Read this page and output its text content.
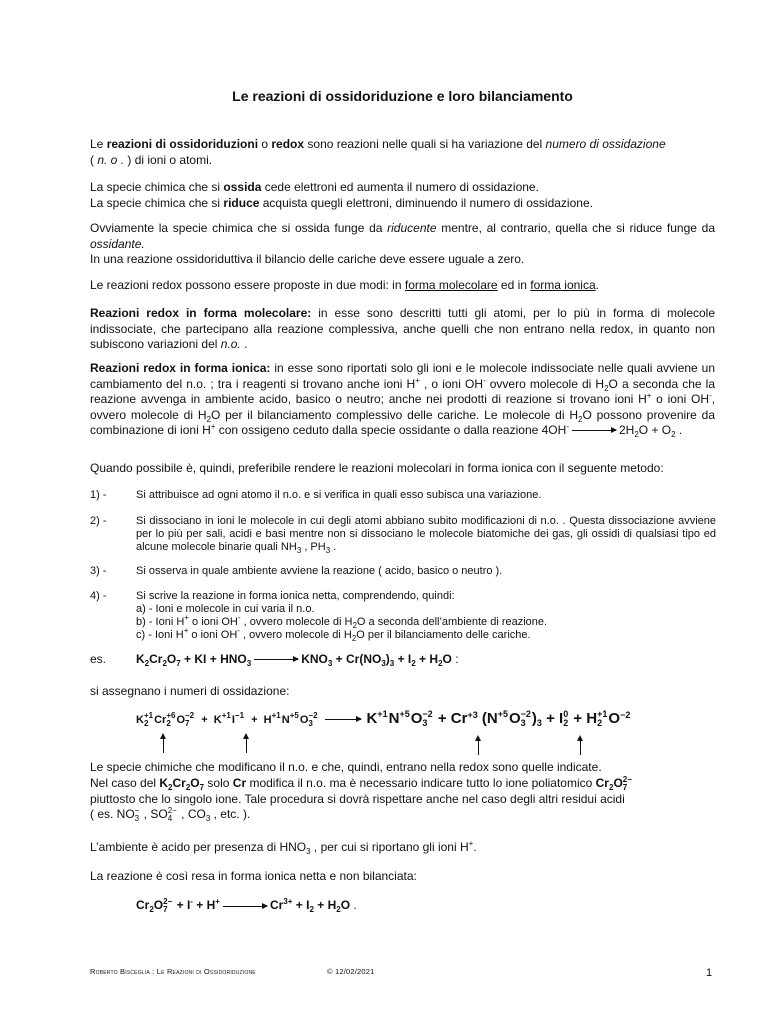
Le reazioni di ossidoriduzione e loro bilanciamento
Le reazioni di ossidoriduzioni o redox sono reazioni nelle quali si ha variazione del numero di ossidazione
( n. o . ) di ioni o atomi.
La specie chimica che si ossida cede elettroni ed aumenta il numero di ossidazione.
La specie chimica che si riduce acquista quegli elettroni, diminuendo il numero di ossidazione.
Ovviamente la specie chimica che si ossida funge da riducente mentre, al contrario, quella che si riduce funge da ossidante.
In una reazione ossidoriduttiva il bilancio delle cariche deve essere uguale a zero.
Le reazioni redox possono essere proposte in due modi: in forma molecolare ed in forma ionica.
Reazioni redox in forma molecolare: in esse sono descritti tutti gli atomi, per lo più in forma di molecole indissociate, che partecipano alla reazione complessiva, anche quelli che non entrano nella redox, in quanto non subiscono variazioni del n.o. .
Reazioni redox in forma ionica: in esse sono riportati solo gli ioni e le molecole indissociate nelle quali avviene un cambiamento del n.o. ; tra i reagenti si trovano anche ioni H+ , o ioni OH- ovvero molecole di $H_2O$ a seconda che la reazione avvenga in ambiente acido, basico o neutro; anche nei prodotti di reazione si trovano ioni H+ o ioni OH-, ovvero molecole di $H_2O$ per il bilanciamento complessivo delle cariche. Le molecole di $H_2O$ possono provenire da combinazione di ioni H+ con ossigeno ceduto dalla specie ossidante o dalla reazione $4OH^- \to 2H_2O + O_2$ .
Quando possibile è, quindi, preferibile rendere le reazioni molecolari in forma ionica con il seguente metodo:
1) -	Si attribuisce ad ogni atomo il n.o. e si verifica in quali esso subisca una variazione.
2) -	Si dissociano in ioni le molecole in cui degli atomi abbiano subito modificazioni di n.o. . Questa dissociazione avviene per lo più per sali, acidi e basi mentre non si dissociano le molecole biatomiche dei gas, gli ossidi di qualsiasi tipo ed alcune molecole binarie quali $NH_3$ , $PH_3$ .
3) -	Si osserva in quale ambiente avviene la reazione ( acido, basico o neutro ).
4) -	Si scrive la reazione in forma ionica netta, comprendendo, quindi:
a) - Ioni e molecole in cui varia il n.o.
b) - Ioni H+ o ioni OH- , ovvero molecole di $H_2O$ a seconda dell’ambiente di reazione.
c) - Ioni H+ o ioni OH- , ovvero molecole di $H_2O$ per il bilanciamento delle cariche.
es. $K_2Cr_2O_7$ + KI + $HNO_3$	$KNO_3 + Cr(NO_3)_3 + I_2 + H_2O$ :
si assegnano i numeri di ossidazione:
K +1
2 Cr +6
2 O −2
7 +  K +1
I −1
+  H +1
N +5
O −2
3	K +1
N +5
O −2
$3 + Cr^{+3}$ (N +5
O −2
3 )$_3 + I$ 0
2 + H +1
2 $O^{-2}$
Le specie chimiche che modificano il n.o. e che, quindi, entrano nella redox sono quelle indicate.
Nel caso del $K_2Cr_2O_7$ solo Cr modifica il n.o. ma è necessario indicare tutto lo ione poliatomico $Cr_2O$ 2−
7
piuttosto che lo singolo ione. Tale procedura si dovrà rispettare anche nel caso degli altri residui acidi
( es. NO −
3 , SO 2−
4 , $CO_3$ , etc. ).
L’ambiente è acido per presenza di $HNO_3$ , per cui si riportano gli ioni H+.
La reazione è così resa in forma ionica netta e non bilanciata:
$Cr_2O$ 2−
7 + I- + H+	$Cr^{3+} + I_2 + H_2O$ .
Roberto Bisceglia : Le Reazioni di Ossidoriduzione	© 12/02/2021	1
